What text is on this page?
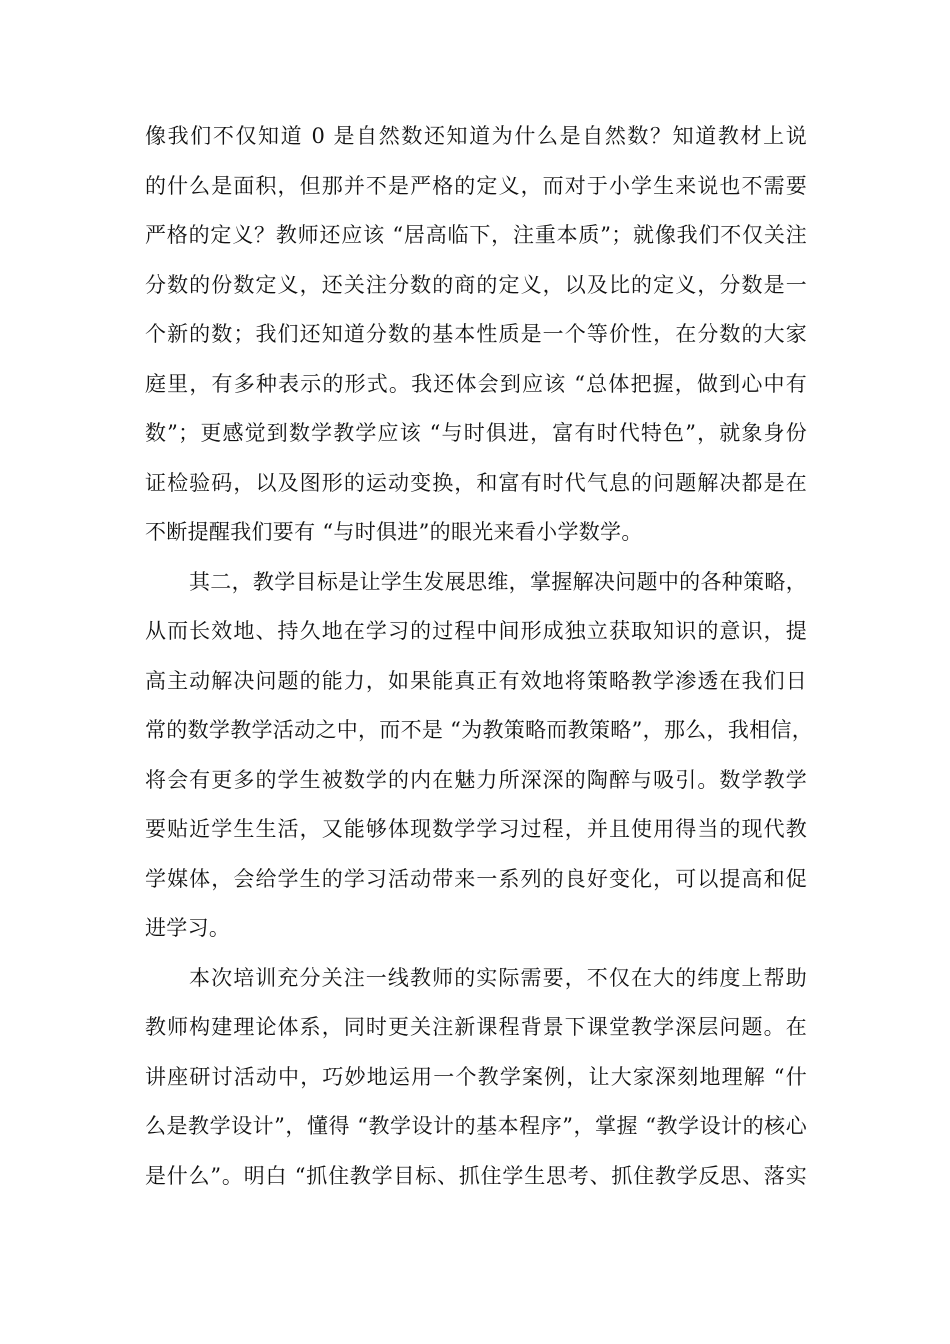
像我们不仅知道 0 是自然数还知道为什么是自然数？知道教材上说
的什么是面积，但那并不是严格的定义，而对于小学生来说也不需要
严格的定义？教师还应该 “居高临下，注重本质”；就像我们不仅关注
分数的份数定义，还关注分数的商的定义，以及比的定义，分数是一
个新的数；我们还知道分数的基本性质是一个等价性，在分数的大家
庭里，有多种表示的形式。我还体会到应该 “总体把握，做到心中有
数”；更感觉到数学教学应该 “与时俱进，富有时代特色”，就象身份
证检验码，以及图形的运动变换，和富有时代气息的问题解决都是在
不断提醒我们要有 “与时俱进”的眼光来看小学数学。
其二，教学目标是让学生发展思维，掌握解决问题中的各种策略，
从而长效地、持久地在学习的过程中间形成独立获取知识的意识，提
高主动解决问题的能力，如果能真正有效地将策略教学渗透在我们日
常的数学教学活动之中，而不是 “为教策略而教策略”，那么，我相信，
将会有更多的学生被数学的内在魅力所深深的陶醉与吸引。数学教学
要贴近学生生活，又能够体现数学学习过程，并且使用得当的现代教
学媒体，会给学生的学习活动带来一系列的良好变化，可以提高和促
进学习。
本次培训充分关注一线教师的实际需要，不仅在大的纬度上帮助
教师构建理论体系，同时更关注新课程背景下课堂教学深层问题。在
讲座研讨活动中，巧妙地运用一个教学案例，让大家深刻地理解 “什
么是教学设计”，懂得 “教学设计的基本程序”，掌握 “教学设计的核心
是什么”。明白 “抓住教学目标、抓住学生思考、抓住教学反思、落实
